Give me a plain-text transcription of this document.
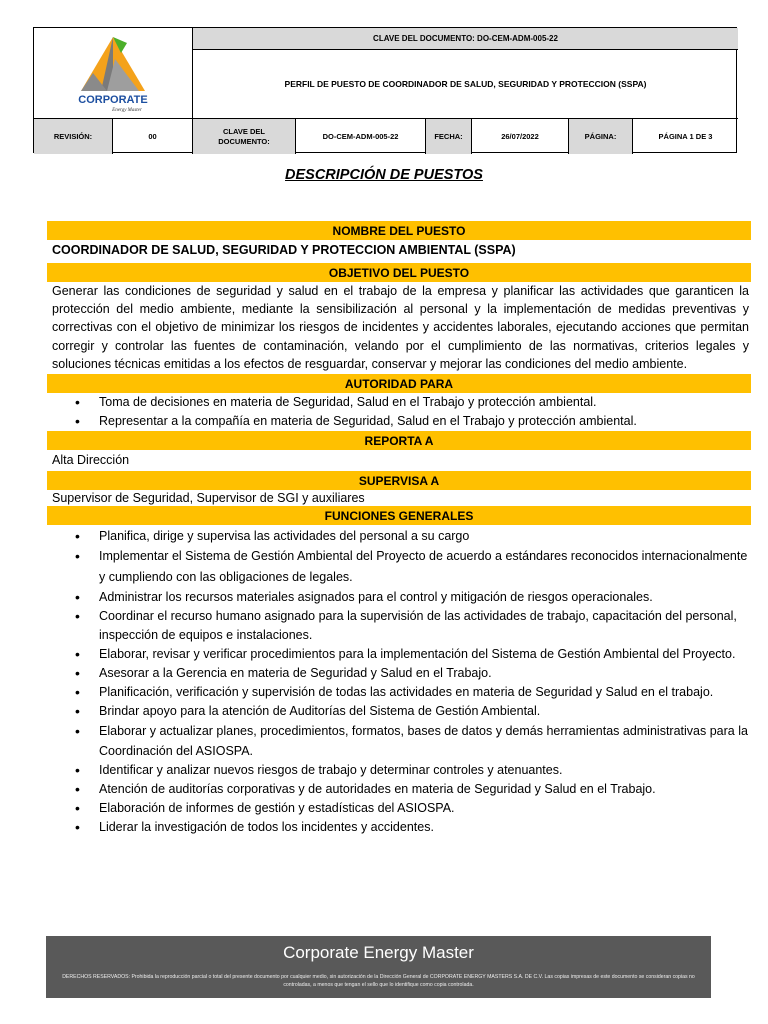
CORPORATE
Energy Master
CLAVE DEL DOCUMENTO: DO-CEM-ADM-005-22
PERFIL DE PUESTO DE COORDINADOR DE SALUD, SEGURIDAD Y PROTECCION (SSPA)
REVISIÓN:	00
CLAVE DEL DOCUMENTO:
DO-CEM-ADM-005-22	FECHA:	26/07/2022	PÁGINA:	PÁGINA 1 DE 3
DESCRIPCIÓN DE PUESTOS
NOMBRE DEL PUESTO
COORDINADOR DE SALUD, SEGURIDAD Y PROTECCION AMBIENTAL (SSPA)
OBJETIVO DEL PUESTO
Generar las condiciones de seguridad y salud en el trabajo de la empresa y planificar las actividades que garanticen la protección del medio ambiente, mediante la sensibilización al personal y la implementación de medidas preventivas y correctivas con el objetivo de minimizar los riesgos de incidentes y accidentes laborales, ejecutando acciones que permitan corregir y controlar las fuentes de contaminación, velando por el cumplimiento de las normativas, criterios legales y soluciones técnicas emitidas a los efectos de resguardar, conservar y mejorar las condiciones del medio ambiente.
AUTORIDAD PARA
• Toma de decisiones en materia de Seguridad, Salud en el Trabajo y protección ambiental.
• Representar a la compañía en materia de Seguridad, Salud en el Trabajo y protección ambiental.
REPORTA A
Alta Dirección
SUPERVISA A
Supervisor de Seguridad, Supervisor de SGI y auxiliares
FUNCIONES GENERALES
• Planifica, dirige y supervisa las actividades del personal a su cargo
• Implementar el Sistema de Gestión Ambiental del Proyecto de acuerdo a estándares reconocidos internacionalmente y cumpliendo con las obligaciones de legales.
• Administrar los recursos materiales asignados para el control y mitigación de riesgos operacionales.
• Coordinar el recurso humano asignado para la supervisión de las actividades de trabajo, capacitación del personal, inspección de equipos e instalaciones.
• Elaborar, revisar y verificar procedimientos para la implementación del Sistema de Gestión Ambiental del Proyecto.
• Asesorar a la Gerencia en materia de Seguridad y Salud en el Trabajo.
• Planificación, verificación y supervisión de todas las actividades en materia de Seguridad y Salud en el trabajo.
• Brindar apoyo para la atención de Auditorías del Sistema de Gestión Ambiental.
• Elaborar y actualizar planes, procedimientos, formatos, bases de datos y demás herramientas administrativas para la Coordinación del ASIOSPA.
• Identificar y analizar nuevos riesgos de trabajo y determinar controles y atenuantes.
• Atención de auditorías corporativas y de autoridades en materia de Seguridad y Salud en el Trabajo.
• Elaboración de informes de gestión y estadísticas del ASIOSPA.
• Liderar la investigación de todos los incidentes y accidentes.
Corporate Energy Master
DERECHOS RESERVADOS: Prohibida la reproducción parcial o total del presente documento por cualquier medio, sin autorización de la Dirección General de CORPORATE ENERGY MASTERS S.A. DE C.V. Las copias impresas de este documento se consideran copias no controladas, a menos que tengan el sello que lo identifique como copia controlada.
